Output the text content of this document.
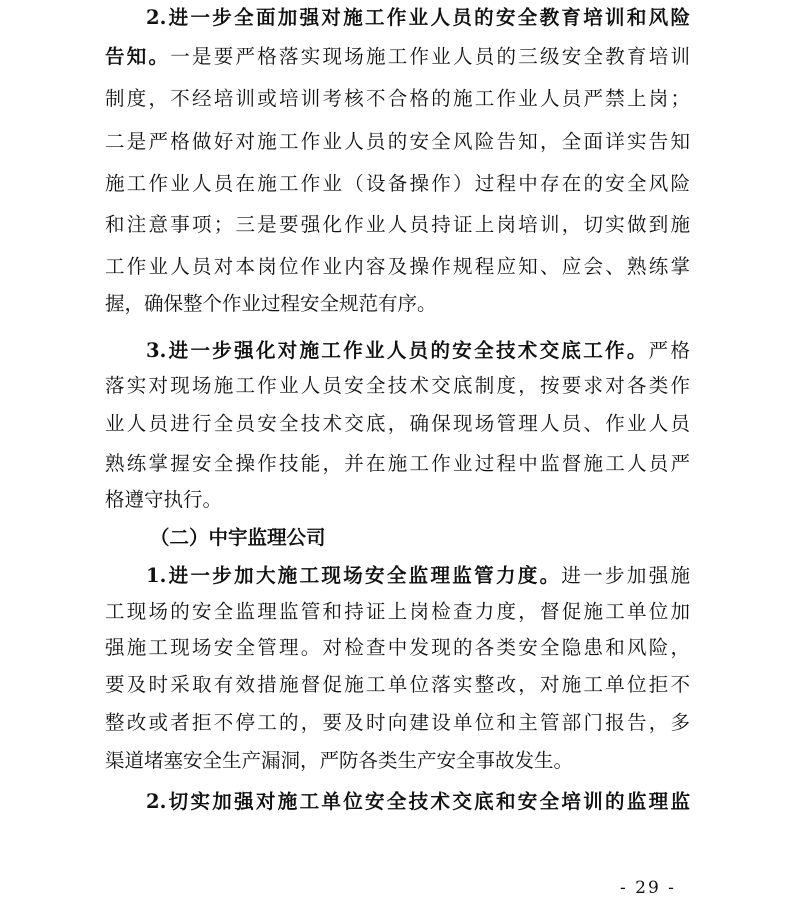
2.进一步全面加强对施工作业人员的安全教育培训和风险
告知。一是要严格落实现场施工作业人员的三级安全教育培训
制度，不经培训或培训考核不合格的施工作业人员严禁上岗；
二是严格做好对施工作业人员的安全风险告知，全面详实告知
施工作业人员在施工作业（设备操作）过程中存在的安全风险
和注意事项；三是要强化作业人员持证上岗培训，切实做到施
工作业人员对本岗位作业内容及操作规程应知、应会、熟练掌
握，确保整个作业过程安全规范有序。
3.进一步强化对施工作业人员的安全技术交底工作。严格
落实对现场施工作业人员安全技术交底制度，按要求对各类作
业人员进行全员安全技术交底，确保现场管理人员、作业人员
熟练掌握安全操作技能，并在施工作业过程中监督施工人员严
格遵守执行。
（二）中宇监理公司
1.进一步加大施工现场安全监理监管力度。进一步加强施
工现场的安全监理监管和持证上岗检查力度，督促施工单位加
强施工现场安全管理。对检查中发现的各类安全隐患和风险，
要及时采取有效措施督促施工单位落实整改，对施工单位拒不
整改或者拒不停工的，要及时向建设单位和主管部门报告，多
渠道堵塞安全生产漏洞，严防各类生产安全事故发生。
2.切实加强对施工单位安全技术交底和安全培训的监理监
- 29 -
